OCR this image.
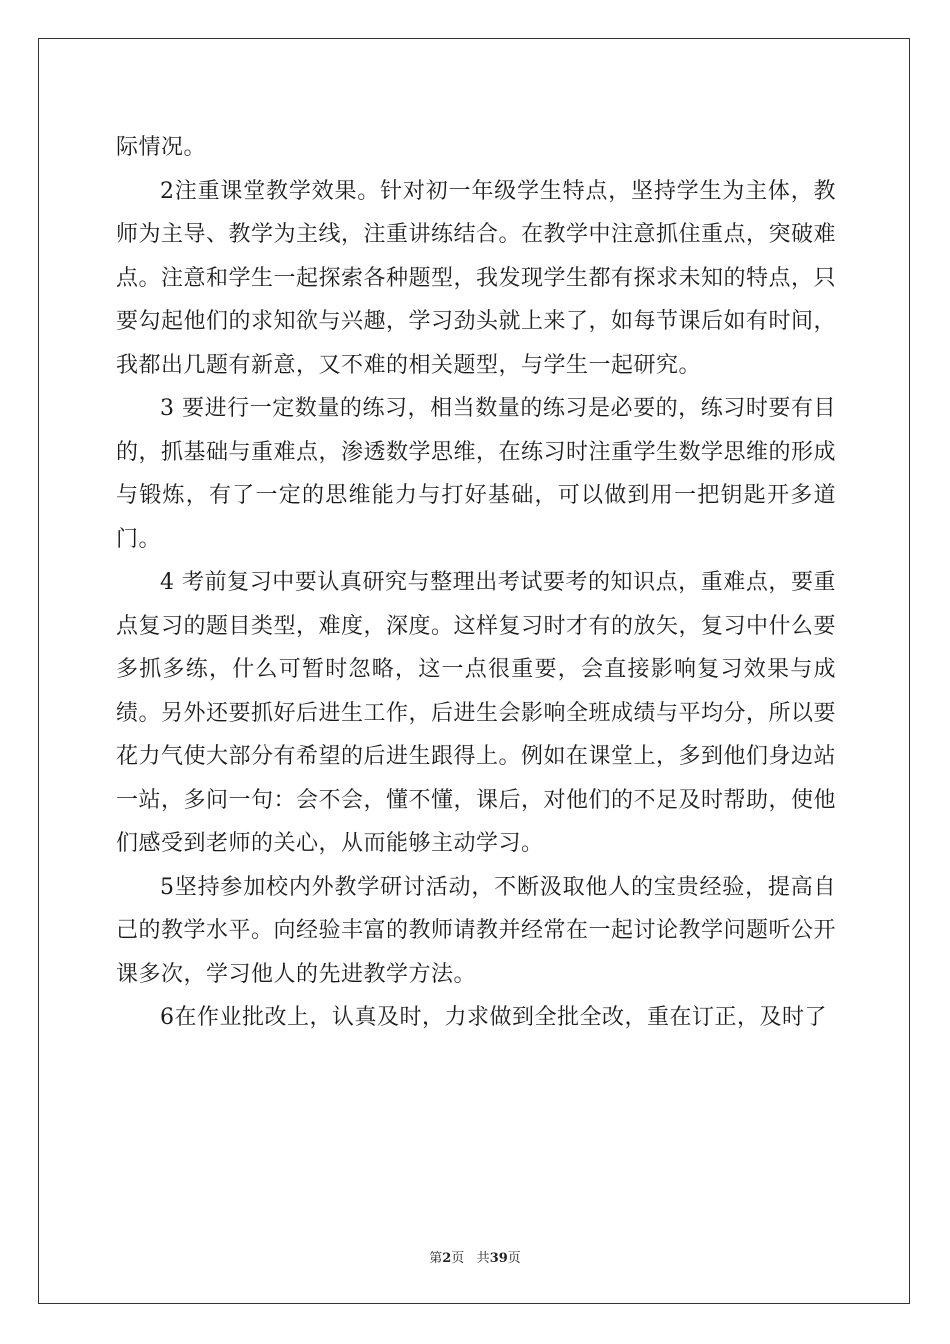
际情况。

2注重课堂教学效果。针对初一年级学生特点，坚持学生为主体，教师为主导、教学为主线，注重讲练结合。在教学中注意抓住重点，突破难点。注意和学生一起探索各种题型，我发现学生都有探求未知的特点，只要勾起他们的求知欲与兴趣，学习劲头就上来了，如每节课后如有时间，我都出几题有新意，又不难的相关题型，与学生一起研究。

3 要进行一定数量的练习，相当数量的练习是必要的，练习时要有目的，抓基础与重难点，渗透数学思维，在练习时注重学生数学思维的形成与锻炼，有了一定的思维能力与打好基础，可以做到用一把钥匙开多道门。

4 考前复习中要认真研究与整理出考试要考的知识点，重难点，要重点复习的题目类型，难度，深度。这样复习时才有的放矢，复习中什么要多抓多练，什么可暂时忽略，这一点很重要，会直接影响复习效果与成绩。另外还要抓好后进生工作，后进生会影响全班成绩与平均分，所以要花力气使大部分有希望的后进生跟得上。例如在课堂上，多到他们身边站一站，多问一句：会不会，懂不懂，课后，对他们的不足及时帮助，使他们感受到老师的关心，从而能够主动学习。

5坚持参加校内外教学研讨活动，不断汲取他人的宝贵经验，提高自己的教学水平。向经验丰富的教师请教并经常在一起讨论教学问题听公开课多次，学习他人的先进教学方法。

6在作业批改上，认真及时，力求做到全批全改，重在订正，及时了

第2页 共39页
